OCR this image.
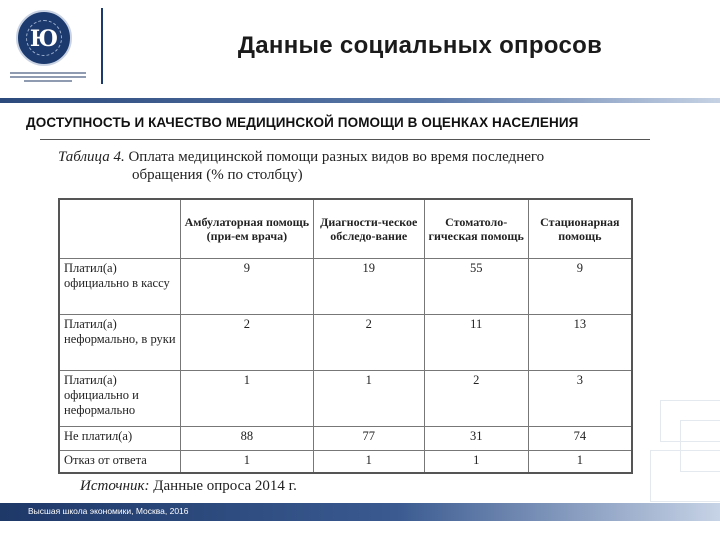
Ю	Данные социальных опросов
ДОСТУПНОСТЬ И КАЧЕСТВО МЕДИЦИНСКОЙ ПОМОЩИ В ОЦЕНКАХ НАСЕЛЕНИЯ
Таблица 4. Оплата медицинской помощи разных видов во время последнего
обращения (% по столбцу)
	Амбулаторная помощь (при-ем врача)	Диагности-ческое обследо-вание	Стоматоло-гическая помощь	Стационарная помощь
Платил(а) официально в кассу	9	19	55	9
Платил(а) неформально, в руки	2	2	11	13
Платил(а) официально и неформально	1	1	2	3
Не платил(а)	88	77	31	74
Отказ от ответа	1	1	1	1
Источник: Данные опроса 2014 г.
Высшая школа экономики, Москва, 2016
